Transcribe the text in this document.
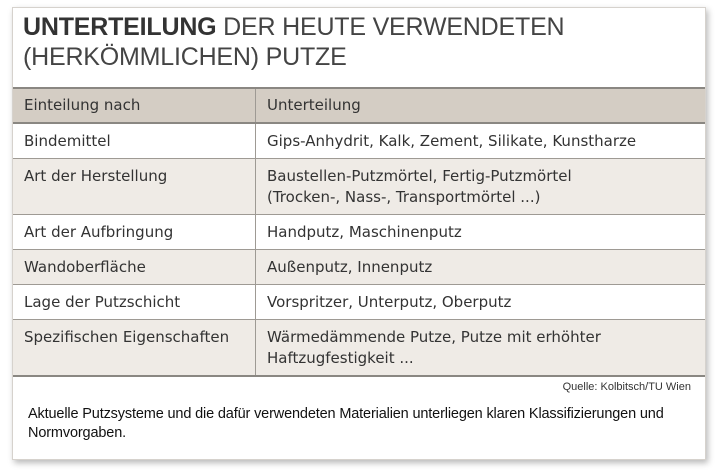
UNTERTEILUNG DER HEUTE VERWENDETEN (HERKÖMMLICHEN) PUTZE
Einteilung nach	Unterteilung
Bindemittel	Gips-Anhydrit, Kalk, Zement, Silikate, Kunstharze

Art der Herstellung	Baustellen-Putzmörtel, Fertig-Putzmörtel
(Trocken-, Nass-, Transportmörtel ...)

Art der Aufbringung	Handputz, Maschinenputz

Wandoberfläche	Außenputz, Innenputz

Lage der Putzschicht	Vorspritzer, Unterputz, Oberputz

Spezifischen Eigenschaften	Wärmedämmende Putze, Putze mit erhöhter
Haftzugfestigkeit ...
Quelle: Kolbitsch/TU Wien
Aktuelle Putzsysteme und die dafür verwendeten Materialien unterliegen klaren Klassifizierungen und Normvorgaben.
